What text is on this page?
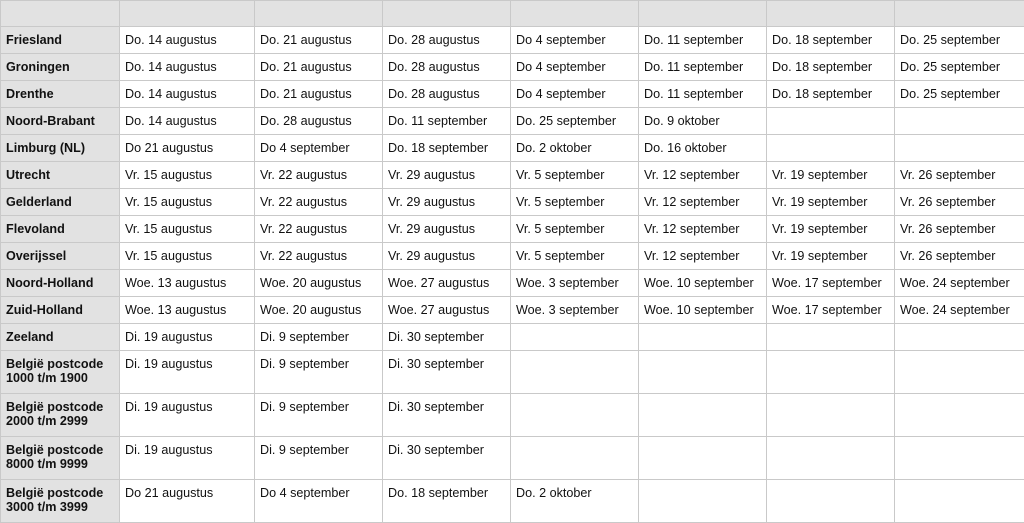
Friesland	Do. 14 augustus	Do. 21 augustus	Do. 28 augustus	Do 4 september	Do. 11 september	Do. 18 september	Do. 25 september
Groningen	Do. 14 augustus	Do. 21 augustus	Do. 28 augustus	Do 4 september	Do. 11 september	Do. 18 september	Do. 25 september
Drenthe	Do. 14 augustus	Do. 21 augustus	Do. 28 augustus	Do 4 september	Do. 11 september	Do. 18 september	Do. 25 september
Noord-Brabant	Do. 14 augustus	Do. 28 augustus	Do. 11 september	Do. 25 september	Do. 9 oktober		
Limburg (NL)	Do 21 augustus	Do 4 september	Do. 18 september	Do. 2 oktober	Do. 16 oktober		
Utrecht	Vr. 15 augustus	Vr. 22 augustus	Vr. 29 augustus	Vr. 5 september	Vr. 12 september	Vr. 19 september	Vr. 26 september
Gelderland	Vr. 15 augustus	Vr. 22 augustus	Vr. 29 augustus	Vr. 5 september	Vr. 12 september	Vr. 19 september	Vr. 26 september
Flevoland	Vr. 15 augustus	Vr. 22 augustus	Vr. 29 augustus	Vr. 5 september	Vr. 12 september	Vr. 19 september	Vr. 26 september
Overijssel	Vr. 15 augustus	Vr. 22 augustus	Vr. 29 augustus	Vr. 5 september	Vr. 12 september	Vr. 19 september	Vr. 26 september
Noord-Holland	Woe. 13 augustus	Woe. 20 augustus	Woe. 27 augustus	Woe. 3 september	Woe. 10 september	Woe. 17 september	Woe. 24 september
Zuid-Holland	Woe. 13 augustus	Woe. 20 augustus	Woe. 27 augustus	Woe. 3 september	Woe. 10 september	Woe. 17 september	Woe. 24 september
Zeeland	Di. 19 augustus	Di. 9 september	Di. 30 september				
België postcode 1000 t/m 1900	Di. 19 augustus	Di. 9 september	Di. 30 september				
België postcode 2000 t/m 2999	Di. 19 augustus	Di. 9 september	Di. 30 september				
België postcode 8000 t/m 9999	Di. 19 augustus	Di. 9 september	Di. 30 september				
België postcode 3000 t/m 3999	Do 21 augustus	Do 4 september	Do. 18 september	Do. 2 oktober			
